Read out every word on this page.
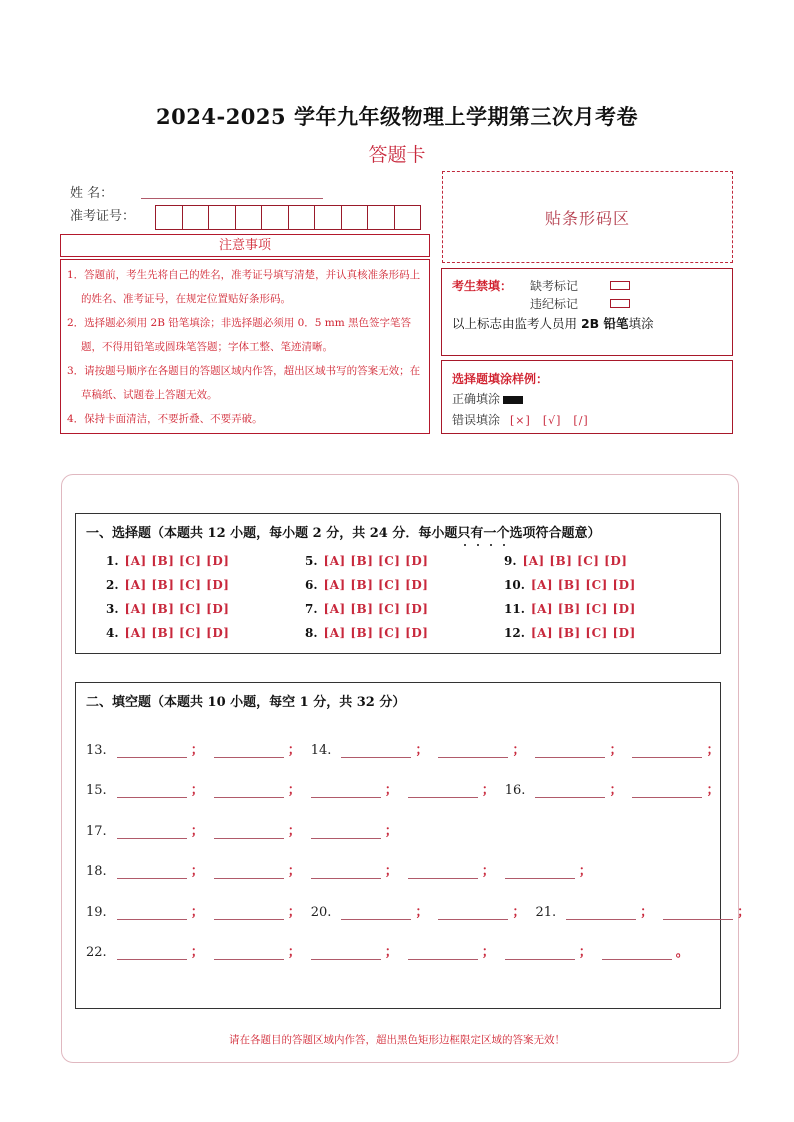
2024-2025 学年九年级物理上学期第三次月考卷
答题卡
姓 名：
准考证号：
注意事项

1．答题前，考生先将自己的姓名，准考证号填写清楚，并认真核准条形码上的姓名、准考证号，在规定位置贴好条形码。

2．选择题必须用 2B 铅笔填涂；非选择题必须用 0．5 mm 黑色签字笔答题，不得用铅笔或圆珠笔答题；字体工整、笔迹清晰。

3．请按题号顺序在各题目的答题区域内作答，超出区域书写的答案无效；在草稿纸、试题卷上答题无效。

4．保持卡面清洁，不要折叠、不要弄破。

贴条形码区
考生禁填： 缺考标记
违纪标记
以上标志由监考人员用 2B 铅笔填涂
选择题填涂样例：
正确填涂
错误填涂 [×] [√] [/]
一、选择题（本题共 12 小题，每小题 2 分，共 24 分．每小题只有一个选项符合题意）
1. [A] [B] [C] [D]
2. [A] [B] [C] [D]
3. [A] [B] [C] [D]
4. [A] [B] [C] [D]
5. [A] [B] [C] [D]
6. [A] [B] [C] [D]
7. [A] [B] [C] [D]
8. [A] [B] [C] [D]
9. [A] [B] [C] [D]
10. [A] [B] [C] [D]
11. [A] [B] [C] [D]
12. [A] [B] [C] [D]
二、填空题（本题共 10 小题，每空 1 分，共 32 分）
13.	；	； 14.	；	；	；	；
15.	；	；	；	； 16.	；	；
17.	；	；	；
18.	；	；	；	；	；
19.	；	； 20.	；	； 21.	；	；
22.	；	；	；	；	；	。
请在各题目的答题区域内作答，超出黑色矩形边框限定区域的答案无效！
